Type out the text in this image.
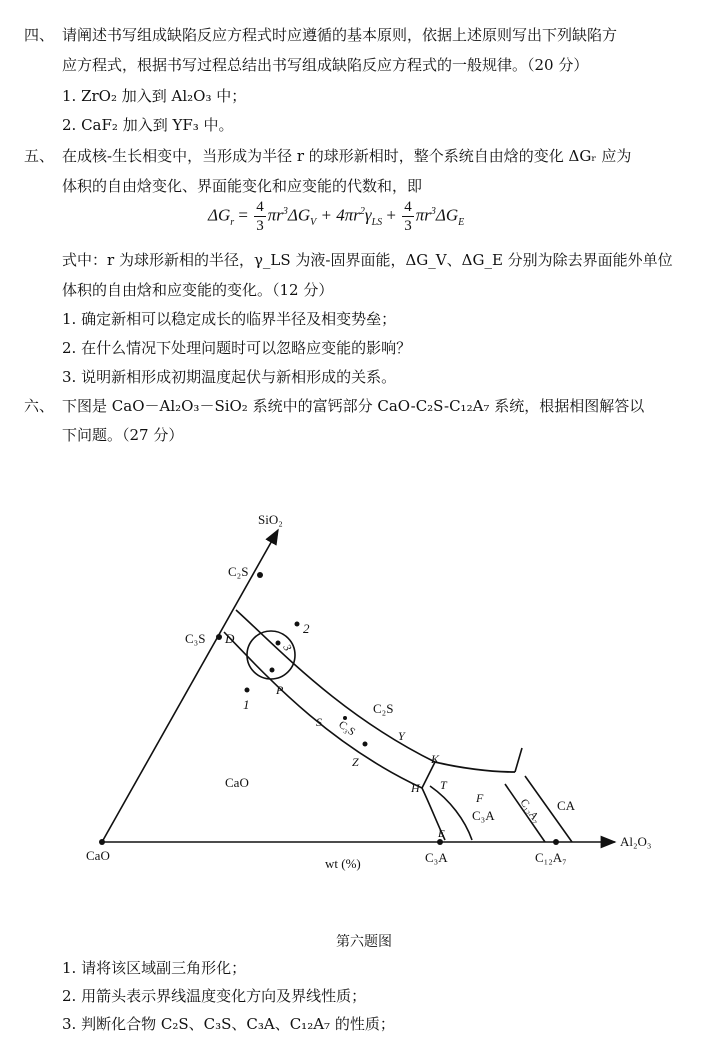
四、 请阐述书写组成缺陷反应方程式时应遵循的基本原则，依据上述原则写出下列缺陷方
应方程式，根据书写过程总结出书写组成缺陷反应方程式的一般规律。（20 分）
1. ZrO₂ 加入到 Al₂O₃ 中；
2. CaF₂ 加入到 YF₃ 中。
五、 在成核-生长相变中，当形成为半径 r 的球形新相时，整个系统自由焓的变化 ΔGᵣ 应为
体积的自由焓变化、界面能变化和应变能的代数和，即
$\Delta G_r = \frac{4}{3} \pi r^3\Delta G_V + 4\pi r^2\gamma_{LS} + \frac{4}{3} \pi r^3\Delta G_E$
式中：r 为球形新相的半径，γ_LS 为液-固界面能，ΔG_V、ΔG_E 分别为除去界面能外单位
体积的自由焓和应变能的变化。（12 分）
1. 确定新相可以稳定成长的临界半径及相变势垒；
2. 在什么情况下处理问题时可以忽略应变能的影响？
3. 说明新相形成初期温度起伏与新相形成的关系。
六、 下图是 CaO－Al₂O₃－SiO₂ 系统中的富钙部分 CaO-C₂S-C₁₂A₇ 系统，根据相图解答以
下问题。（27 分）
SiO₂
Al₂O₃
CaO
C₂S
C₃S
C₃A	C₁₂A₇
wt (%)
CaO
C₂S
C₃A
CA
C₃S
C₁₂A₇
D
P
S
Z
Y
K
H T
F
E
1
2
3
第六题图
1. 请将该区域副三角形化；
2. 用箭头表示界线温度变化方向及界线性质；
3. 判断化合物 C₂S、C₃S、C₃A、C₁₂A₇ 的性质；
